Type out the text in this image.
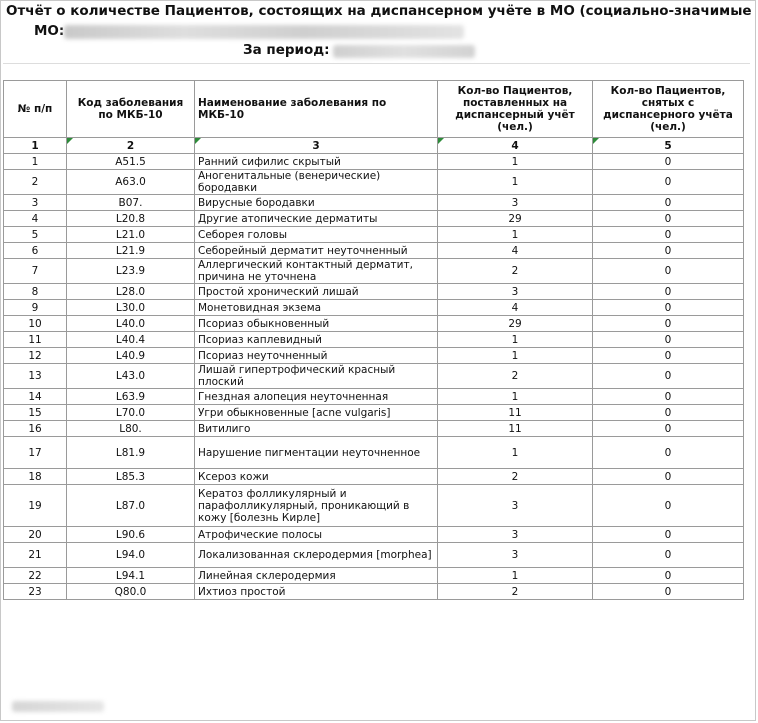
Отчёт о количестве Пациентов, состоящих на диспансерном учёте в МО (социально-значимые
МО:
За период:
№ п/п	Код заболевания по МКБ-10	Наименование заболевания по МКБ-10	Кол-во Пациентов, поставленных на диспансерный учёт (чел.)	Кол-во Пациентов, снятых с диспансерного учёта (чел.)
1	2	3	4	5
1	A51.5	Ранний сифилис скрытый	1	0
2	A63.0	Аногенитальные (венерические) бородавки	1	0
3	B07.	Вирусные бородавки	3	0
4	L20.8	Другие атопические дерматиты	29	0
5	L21.0	Себорея головы	1	0
6	L21.9	Себорейный дерматит неуточненный	4	0
7	L23.9	Аллергический контактный дерматит, причина не уточнена	2	0
8	L28.0	Простой хронический лишай	3	0
9	L30.0	Монетовидная экзема	4	0
10	L40.0	Псориаз обыкновенный	29	0
11	L40.4	Псориаз каплевидный	1	0
12	L40.9	Псориаз неуточненный	1	0
13	L43.0	Лишай гипертрофический красный плоский	2	0
14	L63.9	Гнездная алопеция неуточненная	1	0
15	L70.0	Угри обыкновенные [acne vulgaris]	11	0
16	L80.	Витилиго	11	0
17	L81.9	Нарушение пигментации неуточненное	1	0
18	L85.3	Ксероз кожи	2	0
19	L87.0	Кератоз фолликулярный и парафолликулярный, проникающий в кожу [болезнь Кирле]	3	0
20	L90.6	Атрофические полосы	3	0
21	L94.0	Локализованная склеродермия [morphea]	3	0
22	L94.1	Линейная склеродермия	1	0
23	Q80.0	Ихтиоз простой	2	0
